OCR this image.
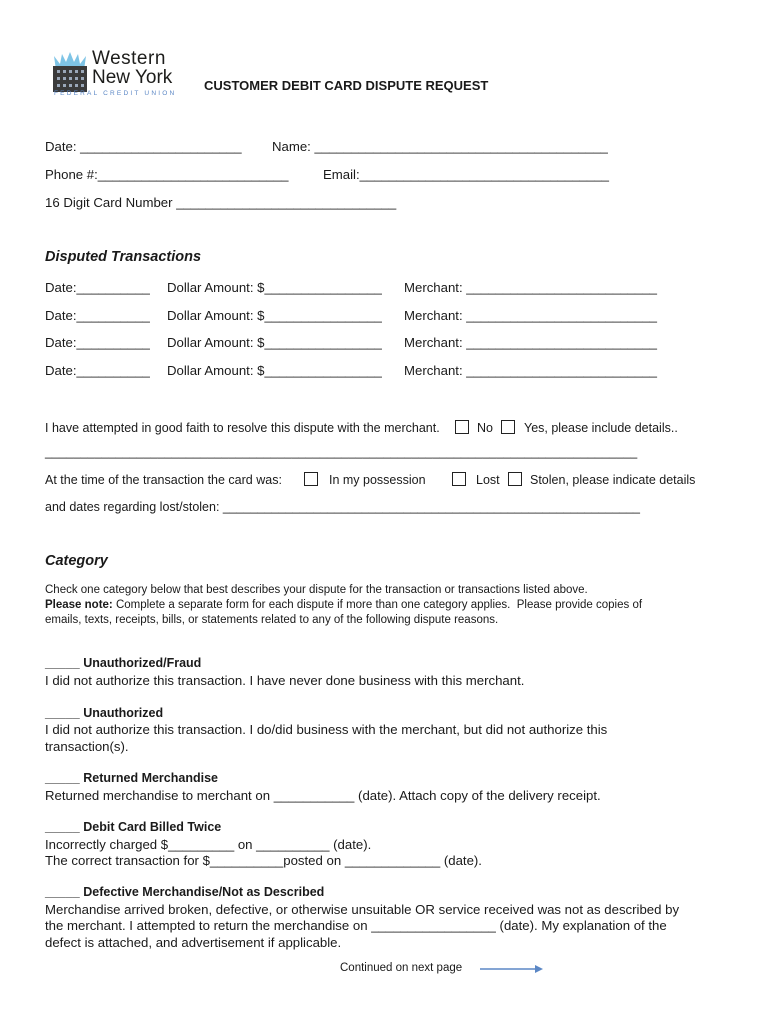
Western
New York
FEDERAL CREDIT UNION
CUSTOMER DEBIT CARD DISPUTE REQUEST
Date: ______________________ Name: ________________________________________
Phone #:__________________________	Email:__________________________________
16 Digit Card Number ______________________________
Disputed Transactions
Date:__________ Dollar Amount: $________________ Merchant: __________________________
Date:__________ Dollar Amount: $________________ Merchant: __________________________
Date:__________ Dollar Amount: $________________ Merchant: __________________________
Date:__________ Dollar Amount: $________________ Merchant: __________________________
I have attempted in good faith to resolve this dispute with the merchant.	No Yes, please include details..
____________________________________________________________________________________
At the time of the transaction the card was:	In my possession	Lost Stolen, please indicate details
and dates regarding lost/stolen: ____________________________________________________________
Category
Check one category below that best describes your dispute for the transaction or transactions listed above.
Please note: Complete a separate form for each dispute if more than one category applies.  Please provide copies of
emails, texts, receipts, bills, or statements related to any of the following dispute reasons.
_____ Unauthorized/Fraud
I did not authorize this transaction. I have never done business with this merchant.
_____ Unauthorized
I did not authorize this transaction. I do/did business with the merchant, but did not authorize this
transaction(s).
_____ Returned Merchandise
Returned merchandise to merchant on ___________ (date). Attach copy of the delivery receipt.
_____ Debit Card Billed Twice
Incorrectly charged $_________ on __________ (date).
The correct transaction for $__________posted on _____________ (date).
_____ Defective Merchandise/Not as Described
Merchandise arrived broken, defective, or otherwise unsuitable OR service received was not as described by
the merchant. I attempted to return the merchandise on _________________ (date). My explanation of the
defect is attached, and advertisement if applicable.
Continued on next page
